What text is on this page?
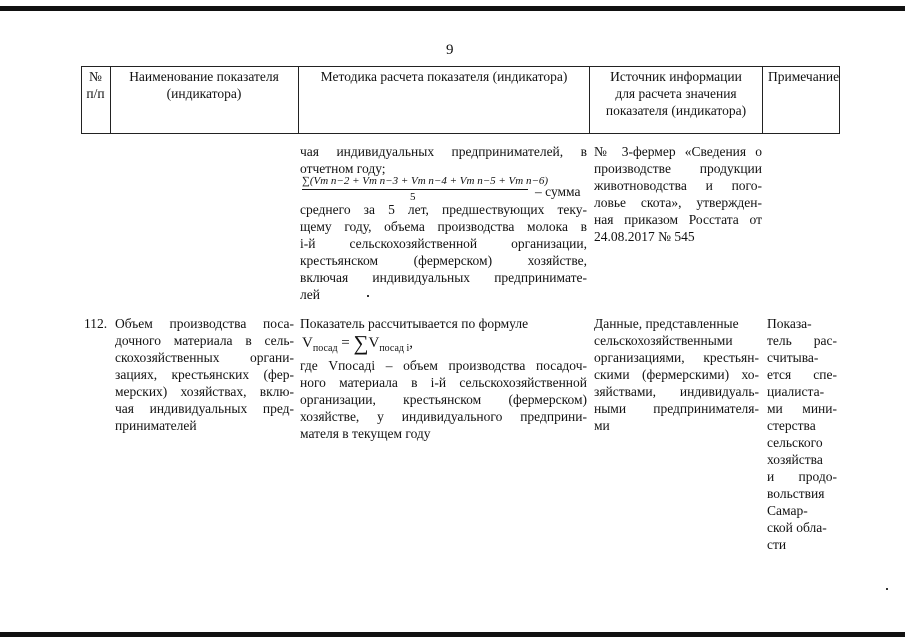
9
№ п/п
Наименование показателя (индикатора)
Методика расчета показателя (индикатора)	Источник информации для расчета значения показателя (индикатора)
Примечание
чая индивидуальных предпринимателей, в
отчетном году;
∑(Vm n−2 + Vm n−3 + Vm n−4 + Vm n−5 + Vm n−6)
5	– сумма
среднего за 5 лет, предшествующих теку-
щему году, объема производства молока в
i-й сельскохозяйственной организации,
крестьянском (фермерском) хозяйстве,
включая индивидуальных предпринимате-
лей
№ 3-фермер «Сведения о
производстве продукции
животноводства и пого-
ловье скота», утвержден-
ная приказом Росстата от
24.08.2017 № 545
112. Объем производства поса-
дочного материала в сель-
скохозяйственных органи-
зациях, крестьянских (фер-
мерских) хозяйствах, вклю-
чая индивидуальных пред-
принимателей
Показатель рассчитывается по формуле
$V_{посад} = \sum V_{посад i}$,
где Vпосадi – объем производства посадоч-
ного материала в i-й сельскохозяйственной
организации, крестьянском (фермерском)
хозяйстве, у индивидуального предприни-
мателя в текущем году
Данные, представленные
сельскохозяйственными
организациями, крестьян-
скими (фермерскими) хо-
зяйствами, индивидуаль-
ными предпринимателя-
ми
Показа-
тель рас-
считыва-
ется спе-
циалиста-
ми мини-
стерства
сельского
хозяйства
и продо-
вольствия
Самар-
ской обла-
сти
